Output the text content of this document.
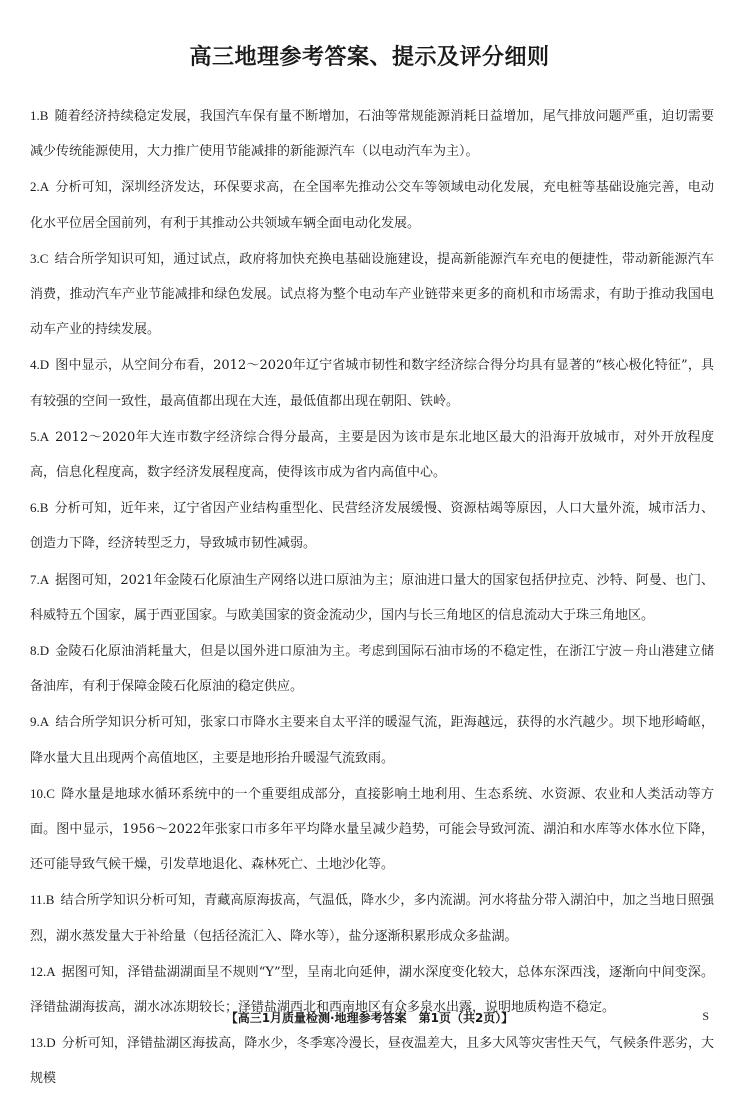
高三地理参考答案、提示及评分细则

1.B 随着经济持续稳定发展，我国汽车保有量不断增加，石油等常规能源消耗日益增加，尾气排放问题严重，迫切需要减少传统能源使用，大力推广使用节能减排的新能源汽车（以电动汽车为主）。

2.A 分析可知，深圳经济发达，环保要求高，在全国率先推动公交车等领域电动化发展，充电桩等基础设施完善，电动化水平位居全国前列，有利于其推动公共领域车辆全面电动化发展。

3.C 结合所学知识可知，通过试点，政府将加快充换电基础设施建设，提高新能源汽车充电的便捷性，带动新能源汽车消费，推动汽车产业节能减排和绿色发展。试点将为整个电动车产业链带来更多的商机和市场需求，有助于推动我国电动车产业的持续发展。

4.D 图中显示，从空间分布看，2012～2020年辽宁省城市韧性和数字经济综合得分均具有显著的“核心极化特征”，具有较强的空间一致性，最高值都出现在大连，最低值都出现在朝阳、铁岭。

5.A 2012～2020年大连市数字经济综合得分最高，主要是因为该市是东北地区最大的沿海开放城市，对外开放程度高，信息化程度高，数字经济发展程度高，使得该市成为省内高值中心。

6.B 分析可知，近年来，辽宁省因产业结构重型化、民营经济发展缓慢、资源枯竭等原因，人口大量外流，城市活力、创造力下降，经济转型乏力，导致城市韧性减弱。

7.A 据图可知，2021年金陵石化原油生产网络以进口原油为主；原油进口量大的国家包括伊拉克、沙特、阿曼、也门、科威特五个国家，属于西亚国家。与欧美国家的资金流动少，国内与长三角地区的信息流动大于珠三角地区。

8.D 金陵石化原油消耗量大，但是以国外进口原油为主。考虑到国际石油市场的不稳定性，在浙江宁波－舟山港建立储备油库，有利于保障金陵石化原油的稳定供应。

9.A 结合所学知识分析可知，张家口市降水主要来自太平洋的暖湿气流，距海越远，获得的水汽越少。坝下地形崎岖，降水量大且出现两个高值地区，主要是地形抬升暖湿气流致雨。

10.C 降水量是地球水循环系统中的一个重要组成部分，直接影响土地利用、生态系统、水资源、农业和人类活动等方面。图中显示，1956～2022年张家口市多年平均降水量呈减少趋势，可能会导致河流、湖泊和水库等水体水位下降，还可能导致气候干燥，引发草地退化、森林死亡、土地沙化等。

11.B 结合所学知识分析可知，青藏高原海拔高，气温低，降水少，多内流湖。河水将盐分带入湖泊中，加之当地日照强烈，湖水蒸发量大于补给量（包括径流汇入、降水等），盐分逐渐积累形成众多盐湖。

12.A 据图可知，泽错盐湖湖面呈不规则“Y”型，呈南北向延伸，湖水深度变化较大，总体东深西浅，逐渐向中间变深。泽错盐湖海拔高，湖水冰冻期较长；泽错盐湖西北和西南地区有众多泉水出露，说明地质构造不稳定。

13.D 分析可知，泽错盐湖区海拔高，降水少，冬季寒冷漫长，昼夜温差大，且多大风等灾害性天气，气候条件恶劣，大规模

【高三1月质量检测·地理参考答案　第1页（共2页）】	S
